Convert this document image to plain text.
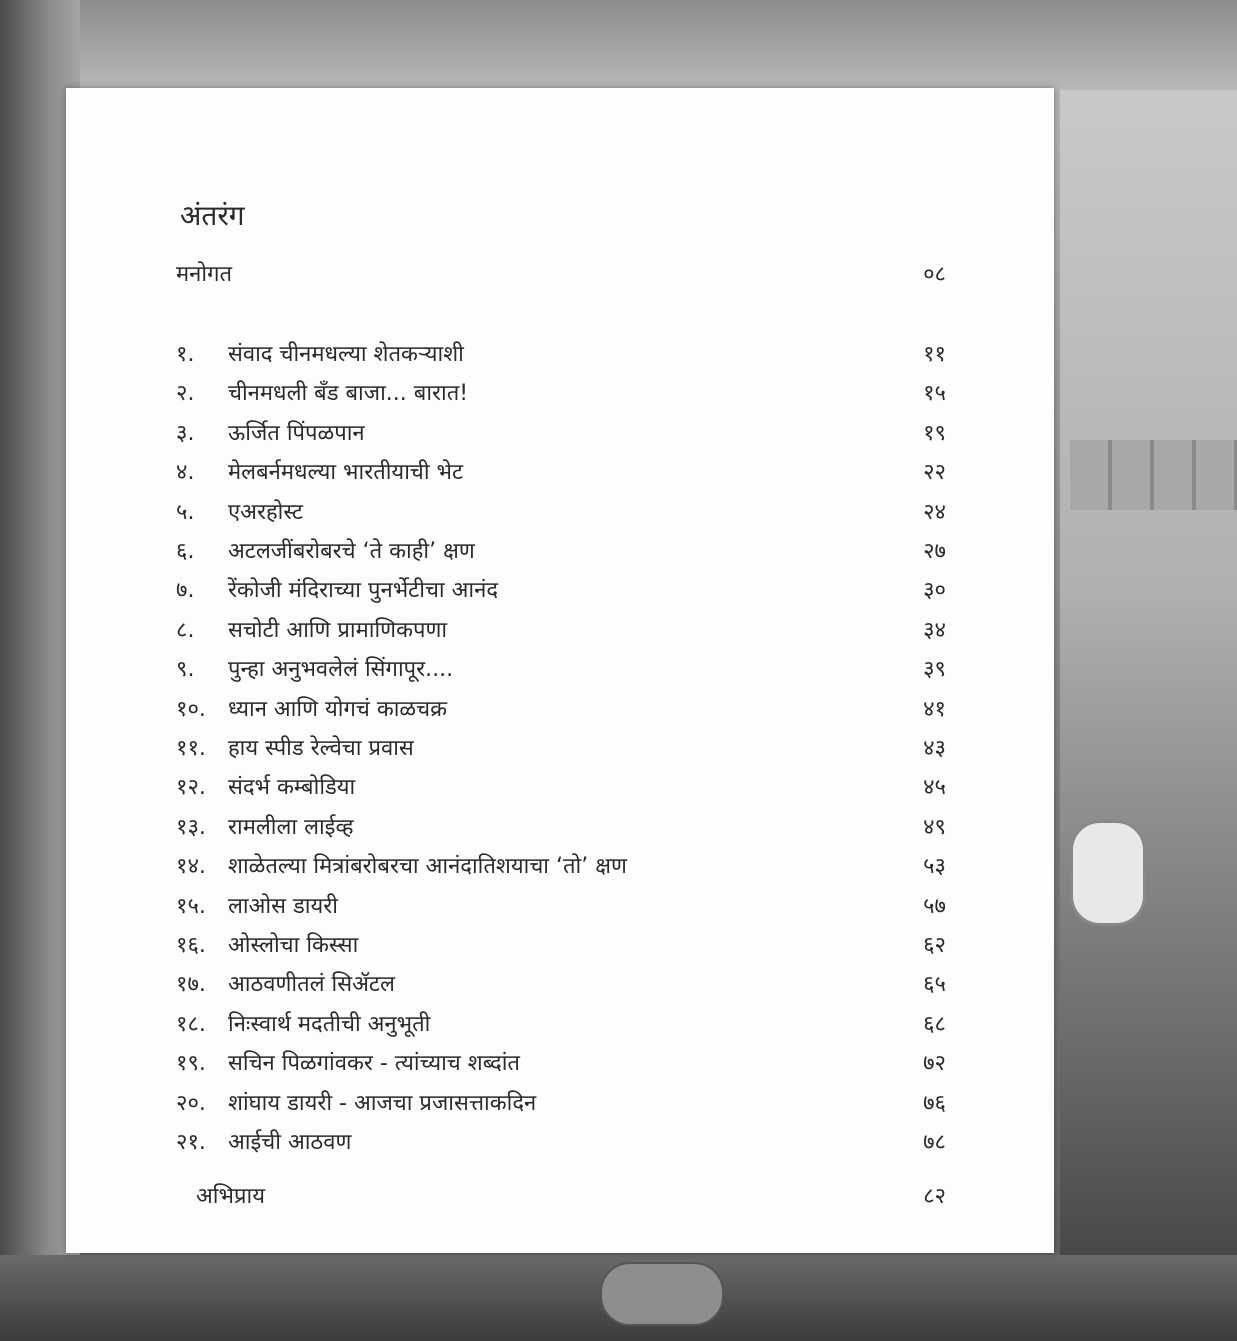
अंतरंग
मनोगत	०८
१. संवाद चीनमधल्या शेतकऱ्याशी	११
२. चीनमधली बँड बाजा... बारात!	१५
३. ऊर्जित पिंपळपान	१९
४. मेलबर्नमधल्या भारतीयाची भेट	२२
५. एअरहोस्ट	२४
६. अटलजींबरोबरचे ‘ते काही’ क्षण	२७
७. रेंकोजी मंदिराच्या पुनर्भेटीचा आनंद	३०
८. सचोटी आणि प्रामाणिकपणा	३४
९. पुन्हा अनुभवलेलं सिंगापूर....	३९
१०. ध्यान आणि योगचं काळचक्र	४१
११. हाय स्पीड रेल्वेचा प्रवास	४३
१२. संदर्भ कम्बोडिया	४५
१३. रामलीला लाईव्ह	४९
१४. शाळेतल्या मित्रांबरोबरचा आनंदातिशयाचा ‘तो’ क्षण	५३
१५. लाओस डायरी	५७
१६. ओस्लोचा किस्सा	६२
१७. आठवणीतलं सिॲटल	६५
१८. निःस्वार्थ मदतीची अनुभूती	६८
१९. सचिन पिळगांवकर - त्यांच्याच शब्दांत	७२
२०. शांघाय डायरी - आजचा प्रजासत्ताकदिन	७६
२१. आईची आठवण	७८
अभिप्राय	८२
